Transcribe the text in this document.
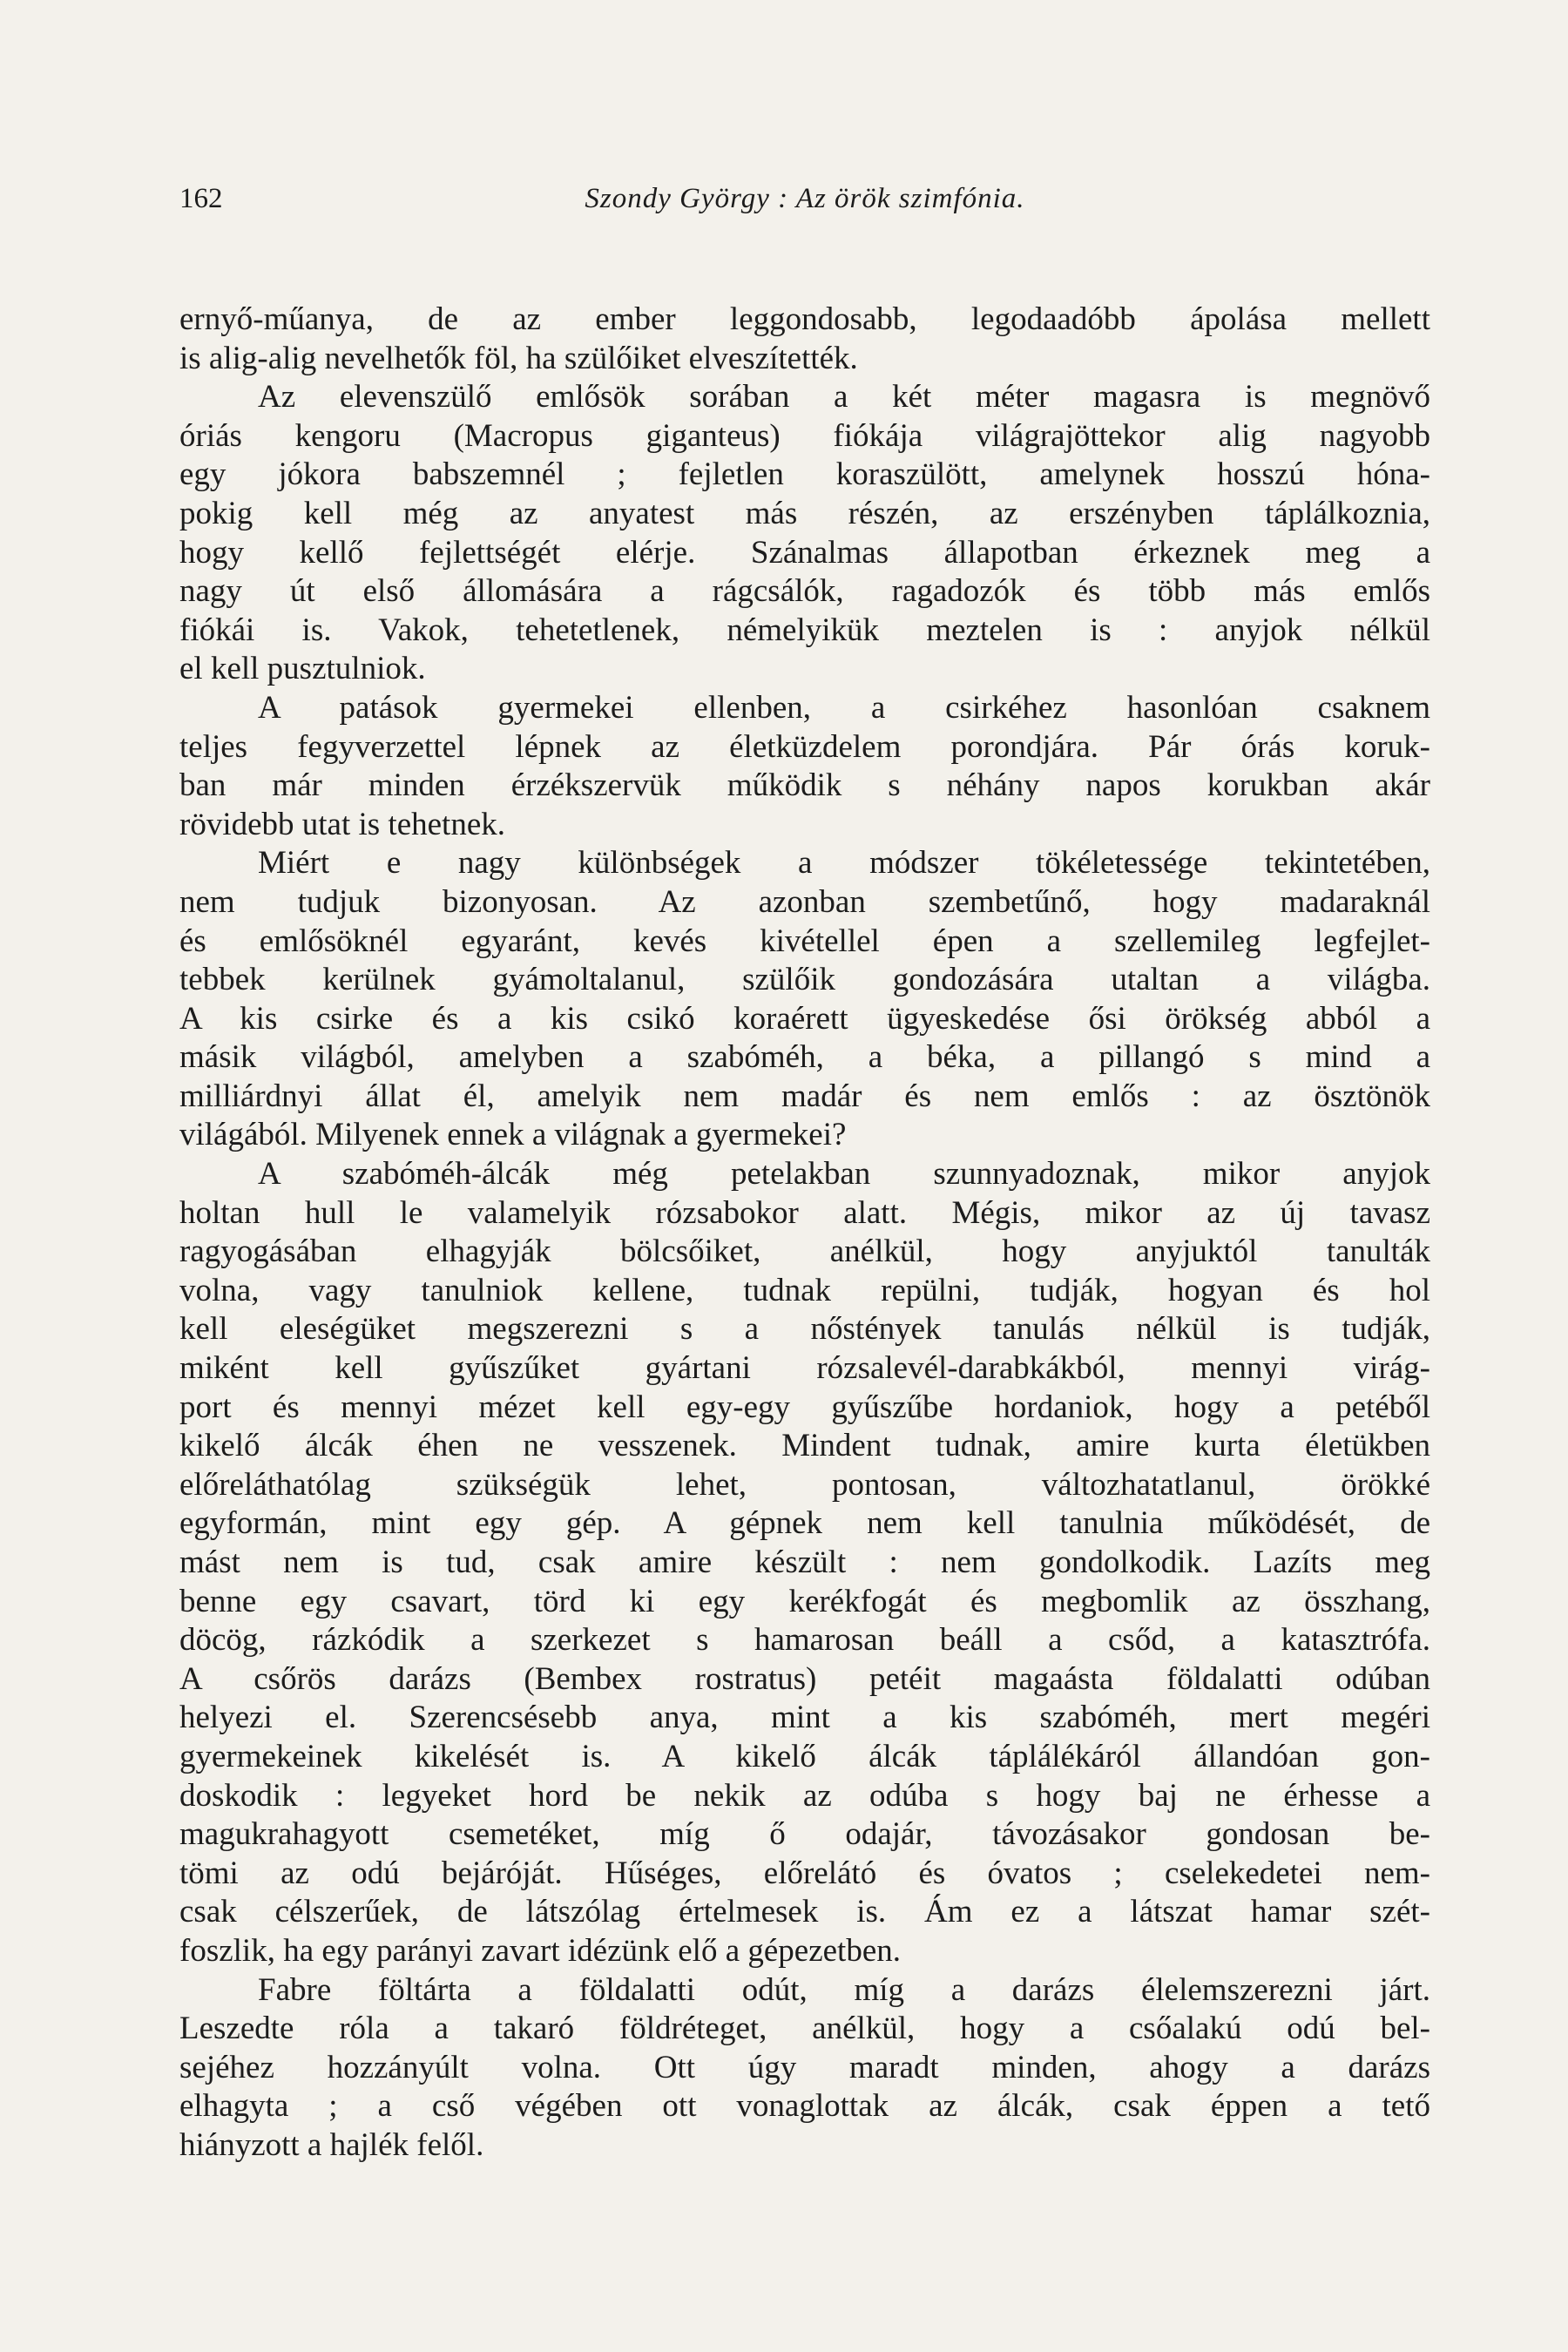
162	Szondy György : Az örök szimfónia.

ernyő-műanya, de az ember leggondosabb, legodaadóbb ápolása mellett
is alig-alig nevelhetők föl, ha szülőiket elveszítették.

Az elevenszülő emlősök sorában a két méter magasra is megnövő
óriás kengoru (Macropus giganteus) fiókája világrajöttekor alig nagyobb
egy jókora babszemnél ; fejletlen koraszülött, amelynek hosszú hóna-
pokig kell még az anyatest más részén, az erszényben táplálkoznia,
hogy kellő fejlettségét elérje. Szánalmas állapotban érkeznek meg a
nagy út első állomására a rágcsálók, ragadozók és több más emlős
fiókái is. Vakok, tehetetlenek, némelyikük meztelen is : anyjok nélkül
el kell pusztulniok.

A patások gyermekei ellenben, a csirkéhez hasonlóan csaknem
teljes fegyverzettel lépnek az életküzdelem porondjára. Pár órás koruk-
ban már minden érzékszervük működik s néhány napos korukban akár
rövidebb utat is tehetnek.

Miért e nagy különbségek a módszer tökéletessége tekintetében,
nem tudjuk bizonyosan. Az azonban szembetűnő, hogy madaraknál
és emlősöknél egyaránt, kevés kivétellel épen a szellemileg legfejlet-
tebbek kerülnek gyámoltalanul, szülőik gondozására utaltan a világba.
A kis csirke és a kis csikó koraérett ügyeskedése ősi örökség abból a
másik világból, amelyben a szabóméh, a béka, a pillangó s mind a
milliárdnyi állat él, amelyik nem madár és nem emlős : az ösztönök
világából. Milyenek ennek a világnak a gyermekei?

A szabóméh-álcák még petelakban szunnyadoznak, mikor anyjok
holtan hull le valamelyik rózsabokor alatt. Mégis, mikor az új tavasz
ragyogásában elhagyják bölcsőiket, anélkül, hogy anyjuktól tanulták
volna, vagy tanulniok kellene, tudnak repülni, tudják, hogyan és hol
kell eleségüket megszerezni s a nőstények tanulás nélkül is tudják,
miként kell gyűszűket gyártani rózsalevél-darabkákból, mennyi virág-
port és mennyi mézet kell egy-egy gyűszűbe hordaniok, hogy a petéből
kikelő álcák éhen ne vesszenek. Mindent tudnak, amire kurta életükben
előreláthatólag szükségük lehet, pontosan, változhatatlanul, örökké
egyformán, mint egy gép. A gépnek nem kell tanulnia működését, de
mást nem is tud, csak amire készült : nem gondolkodik. Lazíts meg
benne egy csavart, törd ki egy kerékfogát és megbomlik az összhang,
döcög, rázkódik a szerkezet s hamarosan beáll a csőd, a katasztrófa.
A csőrös darázs (Bembex rostratus) petéit magaásta földalatti odúban
helyezi el. Szerencsésebb anya, mint a kis szabóméh, mert megéri
gyermekeinek kikelését is. A kikelő álcák táplálékáról állandóan gon-
doskodik : legyeket hord be nekik az odúba s hogy baj ne érhesse a
magukrahagyott csemetéket, míg ő odajár, távozásakor gondosan be-
tömi az odú bejáróját. Hűséges, előrelátó és óvatos ; cselekedetei nem-
csak célszerűek, de látszólag értelmesek is. Ám ez a látszat hamar szét-
foszlik, ha egy parányi zavart idézünk elő a gépezetben.

Fabre föltárta a földalatti odút, míg a darázs élelemszerezni járt.
Leszedte róla a takaró földréteget, anélkül, hogy a csőalakú odú bel-
sejéhez hozzányúlt volna. Ott úgy maradt minden, ahogy a darázs
elhagyta ; a cső végében ott vonaglottak az álcák, csak éppen a tető
hiányzott a hajlék felől.
